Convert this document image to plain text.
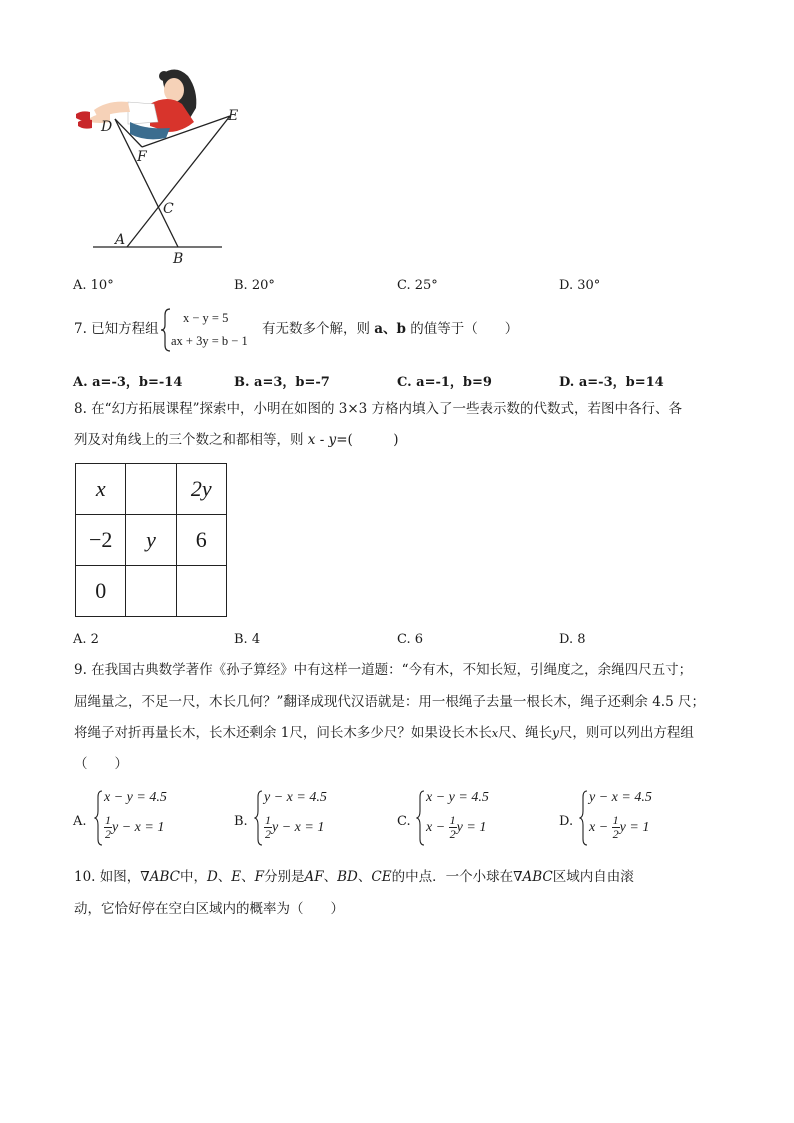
D
E
F
C
A
B
A. 10°	B. 20°	C. 25°	D. 30°
7. 已知方程组
x − y = 5
ax + 3y = b − 1
有无数多个解，则 a、b 的值等于（　　）
A. a=-3，b=-14	B. a=3，b=-7	C. a=-1，b=9	D. a=-3，b=14
8. 在“幻方拓展课程”探索中，小明在如图的 3×3 方格内填入了一些表示数的代数式，若图中各行、各
列及对角线上的三个数之和都相等，则 x - y=(　　　)
x		2y
−2	y	6
0		
A. 2	B. 4	C. 6	D. 8
9. 在我国古典数学著作《孙子算经》中有这样一道题：“今有木，不知长短，引绳度之，余绳四尺五寸；
屈绳量之，不足一尺，木长几何？”翻译成现代汉语就是：用一根绳子去量一根长木，绳子还剩余 4.5 尺；
将绳子对折再量长木，长木还剩余 1尺，问长木多少尺？如果设长木长x尺、绳长y尺，则可以列出方程组
（　　）
A.
x − y = 4.5
$\frac{1}{2}$ y − x = 1	B.
y − x = 4.5
$\frac{1}{2}$ y − x = 1	C.
x − y = 4.5
$x - \frac{1}{2}$ y = 1	D.
y − x = 4.5
$x - \frac{1}{2}$ y = 1
10. 如图，∇ABC中，D、E、F分别是AF、BD、CE的中点．一个小球在∇ABC区域内自由滚
动，它恰好停在空白区域内的概率为（　　）
